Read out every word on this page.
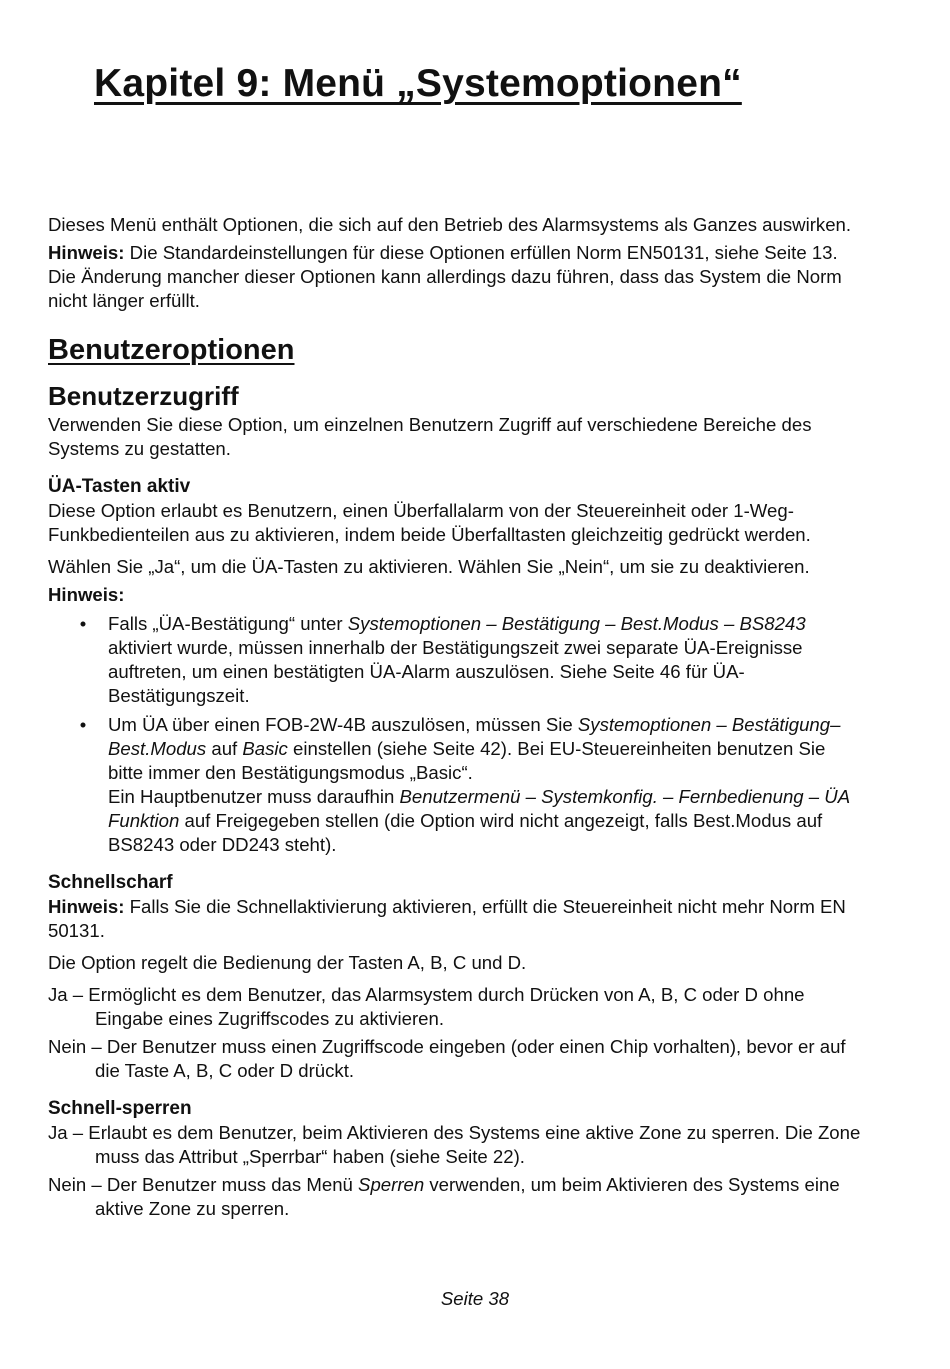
Kapitel 9: Menü „Systemoptionen“

Dieses Menü enthält Optionen, die sich auf den Betrieb des Alarmsystems als Ganzes auswirken.

Hinweis: Die Standardeinstellungen für diese Optionen erfüllen Norm EN50131, siehe Seite 13. Die Änderung mancher dieser Optionen kann allerdings dazu führen, dass das System die Norm nicht länger erfüllt.

Benutzeroptionen
Benutzerzugriff

Verwenden Sie diese Option, um einzelnen Benutzern Zugriff auf verschiedene Bereiche des Systems zu gestatten.

ÜA-Tasten aktiv

Diese Option erlaubt es Benutzern, einen Überfallalarm von der Steuereinheit oder 1-Weg-Funkbedienteilen aus zu aktivieren, indem beide Überfalltasten gleichzeitig gedrückt werden.

Wählen Sie „Ja“, um die ÜA-Tasten zu aktivieren. Wählen Sie „Nein“, um sie zu deaktivieren.

Hinweis:

• Falls „ÜA-Bestätigung“ unter Systemoptionen – Bestätigung – Best.Modus – BS8243 aktiviert wurde, müssen innerhalb der Bestätigungszeit zwei separate ÜA-Ereignisse auftreten, um einen bestätigten ÜA-Alarm auszulösen. Siehe Seite 46 für ÜA-Bestätigungszeit.
• Um ÜA über einen FOB-2W-4B auszulösen, müssen Sie Systemoptionen – Bestätigung– Best.Modus auf Basic einstellen (siehe Seite 42). Bei EU-Steuereinheiten benutzen Sie bitte immer den Bestätigungsmodus „Basic“.
Ein Hauptbenutzer muss daraufhin Benutzermenü – Systemkonfig. – Fernbedienung – ÜA Funktion auf Freigegeben stellen (die Option wird nicht angezeigt, falls Best.Modus auf BS8243 oder DD243 steht).
Schnellscharf

Hinweis: Falls Sie die Schnellaktivierung aktivieren, erfüllt die Steuereinheit nicht mehr Norm EN 50131.

Die Option regelt die Bedienung der Tasten A, B, C und D.

Ja – Ermöglicht es dem Benutzer, das Alarmsystem durch Drücken von A, B, C oder D ohne Eingabe eines Zugriffscodes zu aktivieren.

Nein – Der Benutzer muss einen Zugriffscode eingeben (oder einen Chip vorhalten), bevor er auf die Taste A, B, C oder D drückt.

Schnell-sperren

Ja – Erlaubt es dem Benutzer, beim Aktivieren des Systems eine aktive Zone zu sperren. Die Zone muss das Attribut „Sperrbar“ haben (siehe Seite 22).

Nein – Der Benutzer muss das Menü Sperren verwenden, um beim Aktivieren des Systems eine aktive Zone zu sperren.

Seite 38
